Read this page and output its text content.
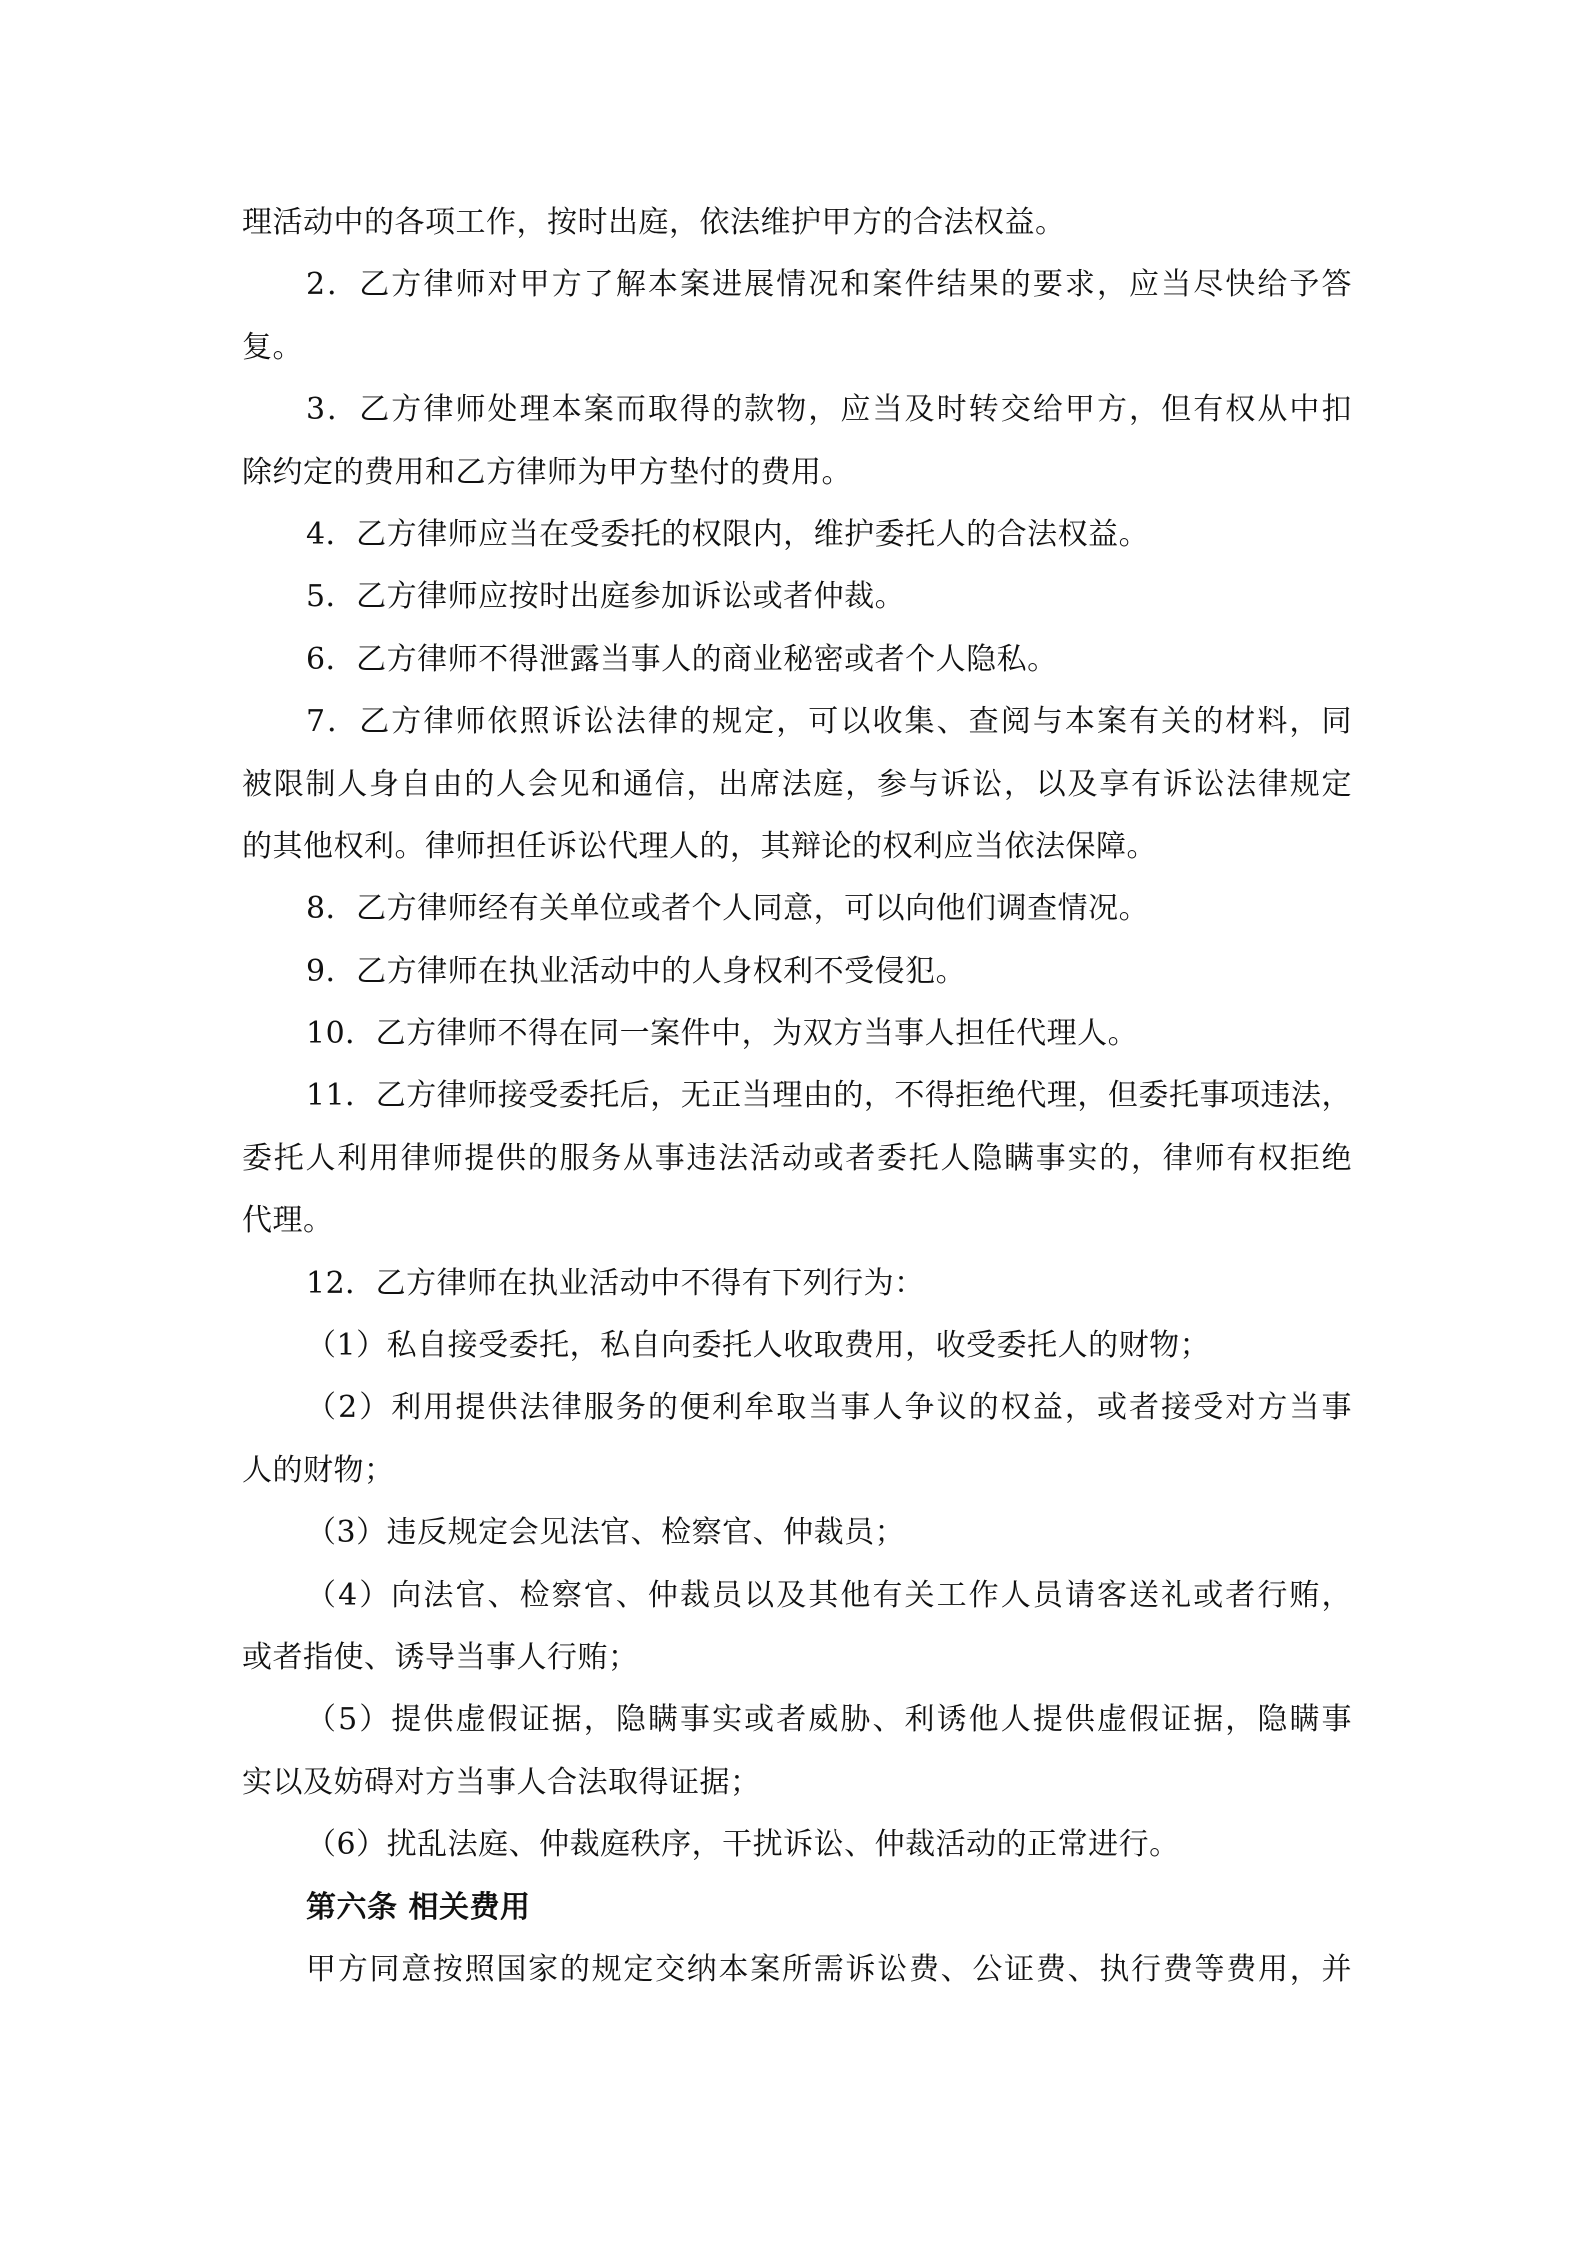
理活动中的各项工作，按时出庭，依法维护甲方的合法权益。
2．乙方律师对甲方了解本案进展情况和案件结果的要求，应当尽快给予答
复。
3．乙方律师处理本案而取得的款物，应当及时转交给甲方，但有权从中扣
除约定的费用和乙方律师为甲方垫付的费用。
4．乙方律师应当在受委托的权限内，维护委托人的合法权益。
5．乙方律师应按时出庭参加诉讼或者仲裁。
6．乙方律师不得泄露当事人的商业秘密或者个人隐私。
7．乙方律师依照诉讼法律的规定，可以收集、查阅与本案有关的材料，同
被限制人身自由的人会见和通信，出席法庭，参与诉讼，以及享有诉讼法律规定
的其他权利。律师担任诉讼代理人的，其辩论的权利应当依法保障。
8．乙方律师经有关单位或者个人同意，可以向他们调查情况。
9．乙方律师在执业活动中的人身权利不受侵犯。
10．乙方律师不得在同一案件中，为双方当事人担任代理人。
11．乙方律师接受委托后，无正当理由的，不得拒绝代理，但委托事项违法，
委托人利用律师提供的服务从事违法活动或者委托人隐瞒事实的，律师有权拒绝
代理。
12．乙方律师在执业活动中不得有下列行为：
（1）私自接受委托，私自向委托人收取费用，收受委托人的财物；
（2）利用提供法律服务的便利牟取当事人争议的权益，或者接受对方当事
人的财物；
（3）违反规定会见法官、检察官、仲裁员；
（4）向法官、检察官、仲裁员以及其他有关工作人员请客送礼或者行贿，
或者指使、诱导当事人行贿；
（5）提供虚假证据，隐瞒事实或者威胁、利诱他人提供虚假证据，隐瞒事
实以及妨碍对方当事人合法取得证据；
（6）扰乱法庭、仲裁庭秩序，干扰诉讼、仲裁活动的正常进行。
第六条 相关费用
甲方同意按照国家的规定交纳本案所需诉讼费、公证费、执行费等费用，并
